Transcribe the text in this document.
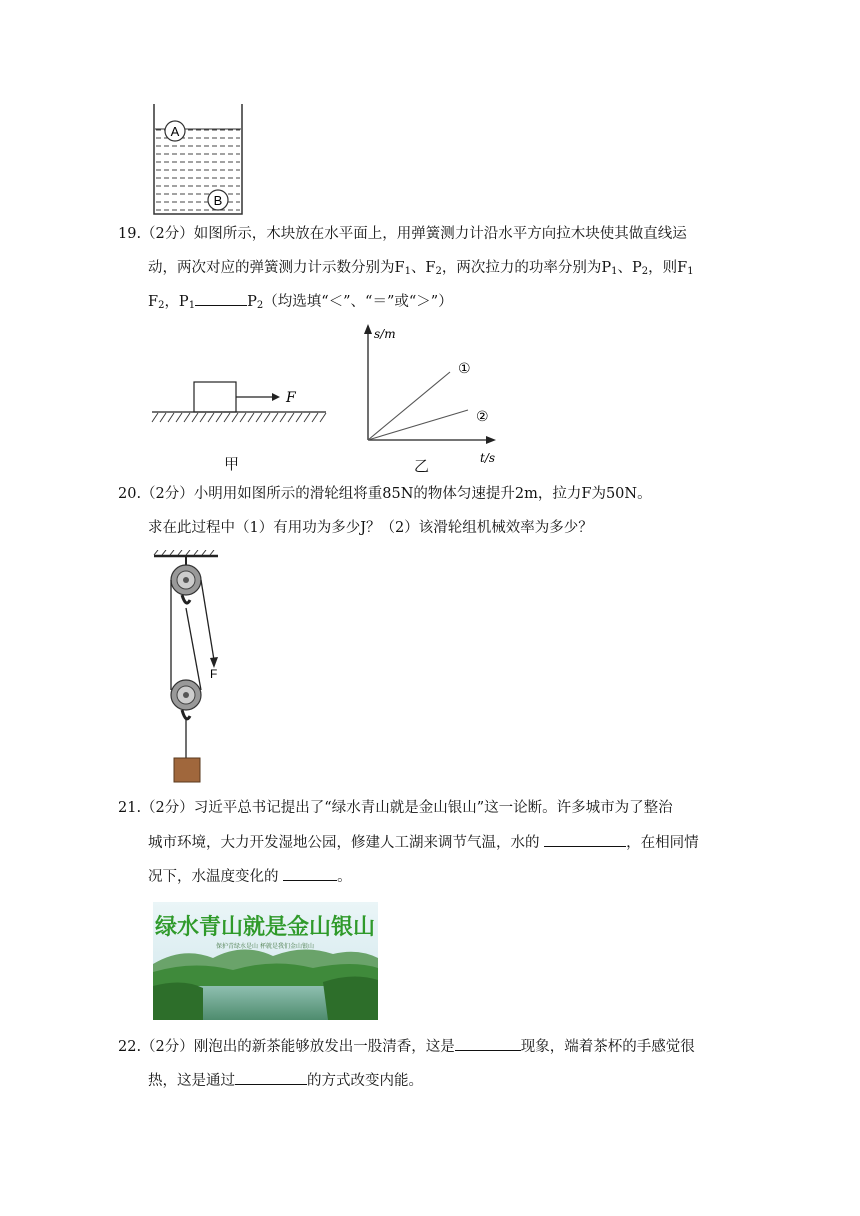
A
B
19.（2分）如图所示，木块放在水平面上，用弹簧测力计沿水平方向拉木块使其做直线运
动，两次对应的弹簧测力计示数分别为$F_1$、$F_2$，两次拉力的功率分别为$P_1$、$P_2$，则$F_1$
$F_2$，$P_1$	$P_2$（均选填“＜”、“＝”或“＞”）
F
甲
s/m
t/s
①
②
乙
20.（2分）小明用如图所示的滑轮组将重85N的物体匀速提升2m，拉力F为50N。
求在此过程中（1）有用功为多少J？（2）该滑轮组机械效率为多少？
F
21.（2分）习近平总书记提出了“绿水青山就是金山银山”这一论断。许多城市为了整治
城市环境，大力开发湿地公园，修建人工湖来调节气温，水的	，在相同情
况下，水温度变化的	。
绿水青山就是金山银山
保护青绿水是山 杯就是我们金山银山
22.（2分）刚泡出的新茶能够放发出一股清香，这是	现象，端着茶杯的手感觉很
热，这是通过	的方式改变内能。
